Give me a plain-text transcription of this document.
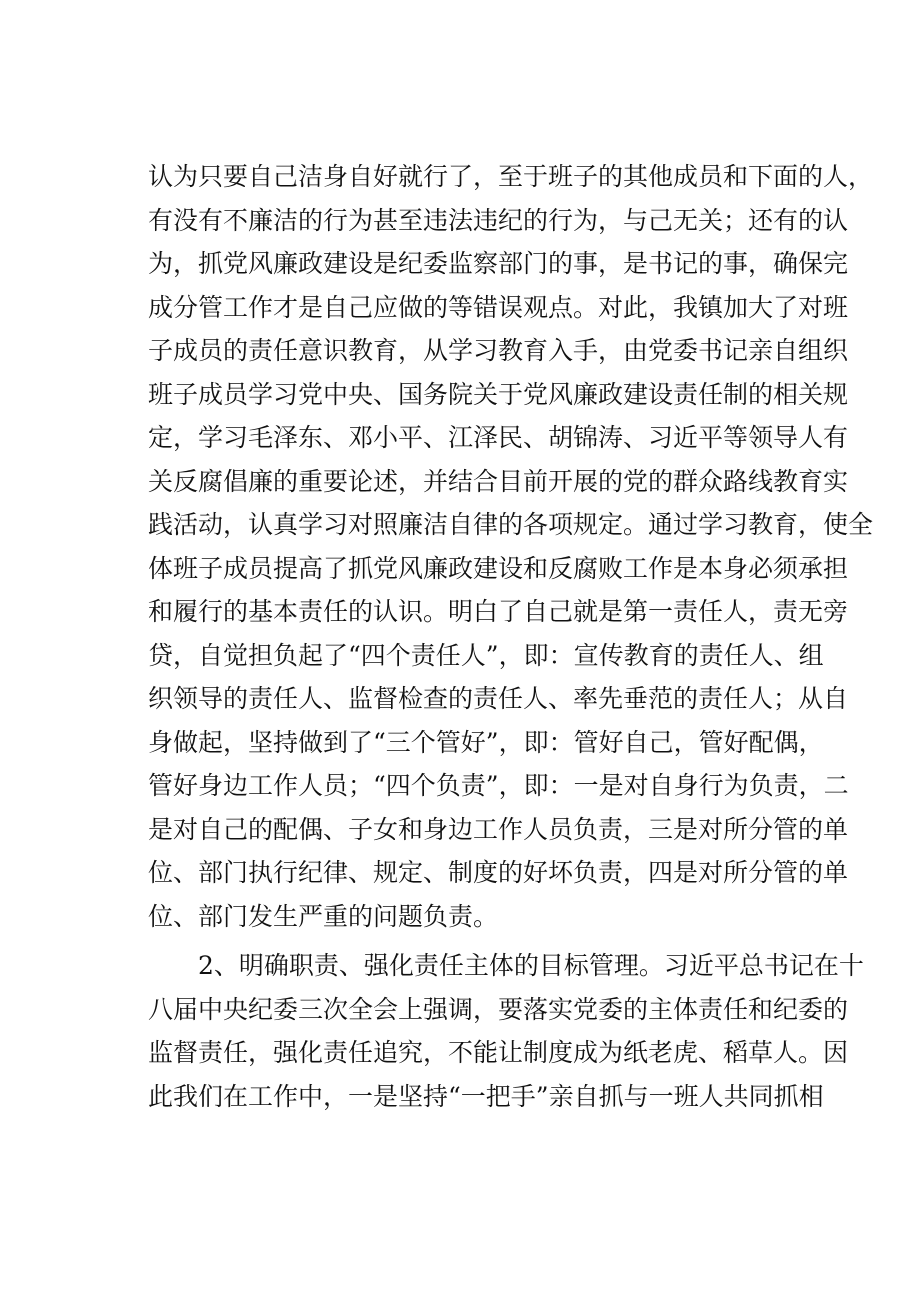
认为只要自己洁身自好就行了，至于班子的其他成员和下面的人，
有没有不廉洁的行为甚至违法违纪的行为，与己无关；还有的认
为，抓党风廉政建设是纪委监察部门的事，是书记的事，确保完
成分管工作才是自己应做的等错误观点。对此，我镇加大了对班
子成员的责任意识教育，从学习教育入手，由党委书记亲自组织
班子成员学习党中央、国务院关于党风廉政建设责任制的相关规
定，学习毛泽东、邓小平、江泽民、胡锦涛、习近平等领导人有
关反腐倡廉的重要论述，并结合目前开展的党的群众路线教育实
践活动，认真学习对照廉洁自律的各项规定。通过学习教育，使全
体班子成员提高了抓党风廉政建设和反腐败工作是本身必须承担
和履行的基本责任的认识。明白了自己就是第一责任人，责无旁
贷，自觉担负起了“四个责任人”，即：宣传教育的责任人、组
织领导的责任人、监督检查的责任人、率先垂范的责任人；从自
身做起，坚持做到了“三个管好”，即：管好自己，管好配偶，
管好身边工作人员；“四个负责”，即：一是对自身行为负责，二
是对自己的配偶、子女和身边工作人员负责，三是对所分管的单
位、部门执行纪律、规定、制度的好坏负责，四是对所分管的单
位、部门发生严重的问题负责。
2、明确职责、强化责任主体的目标管理。习近平总书记在十
八届中央纪委三次全会上强调，要落实党委的主体责任和纪委的
监督责任，强化责任追究，不能让制度成为纸老虎、稻草人。因
此我们在工作中，一是坚持“一把手”亲自抓与一班人共同抓相
